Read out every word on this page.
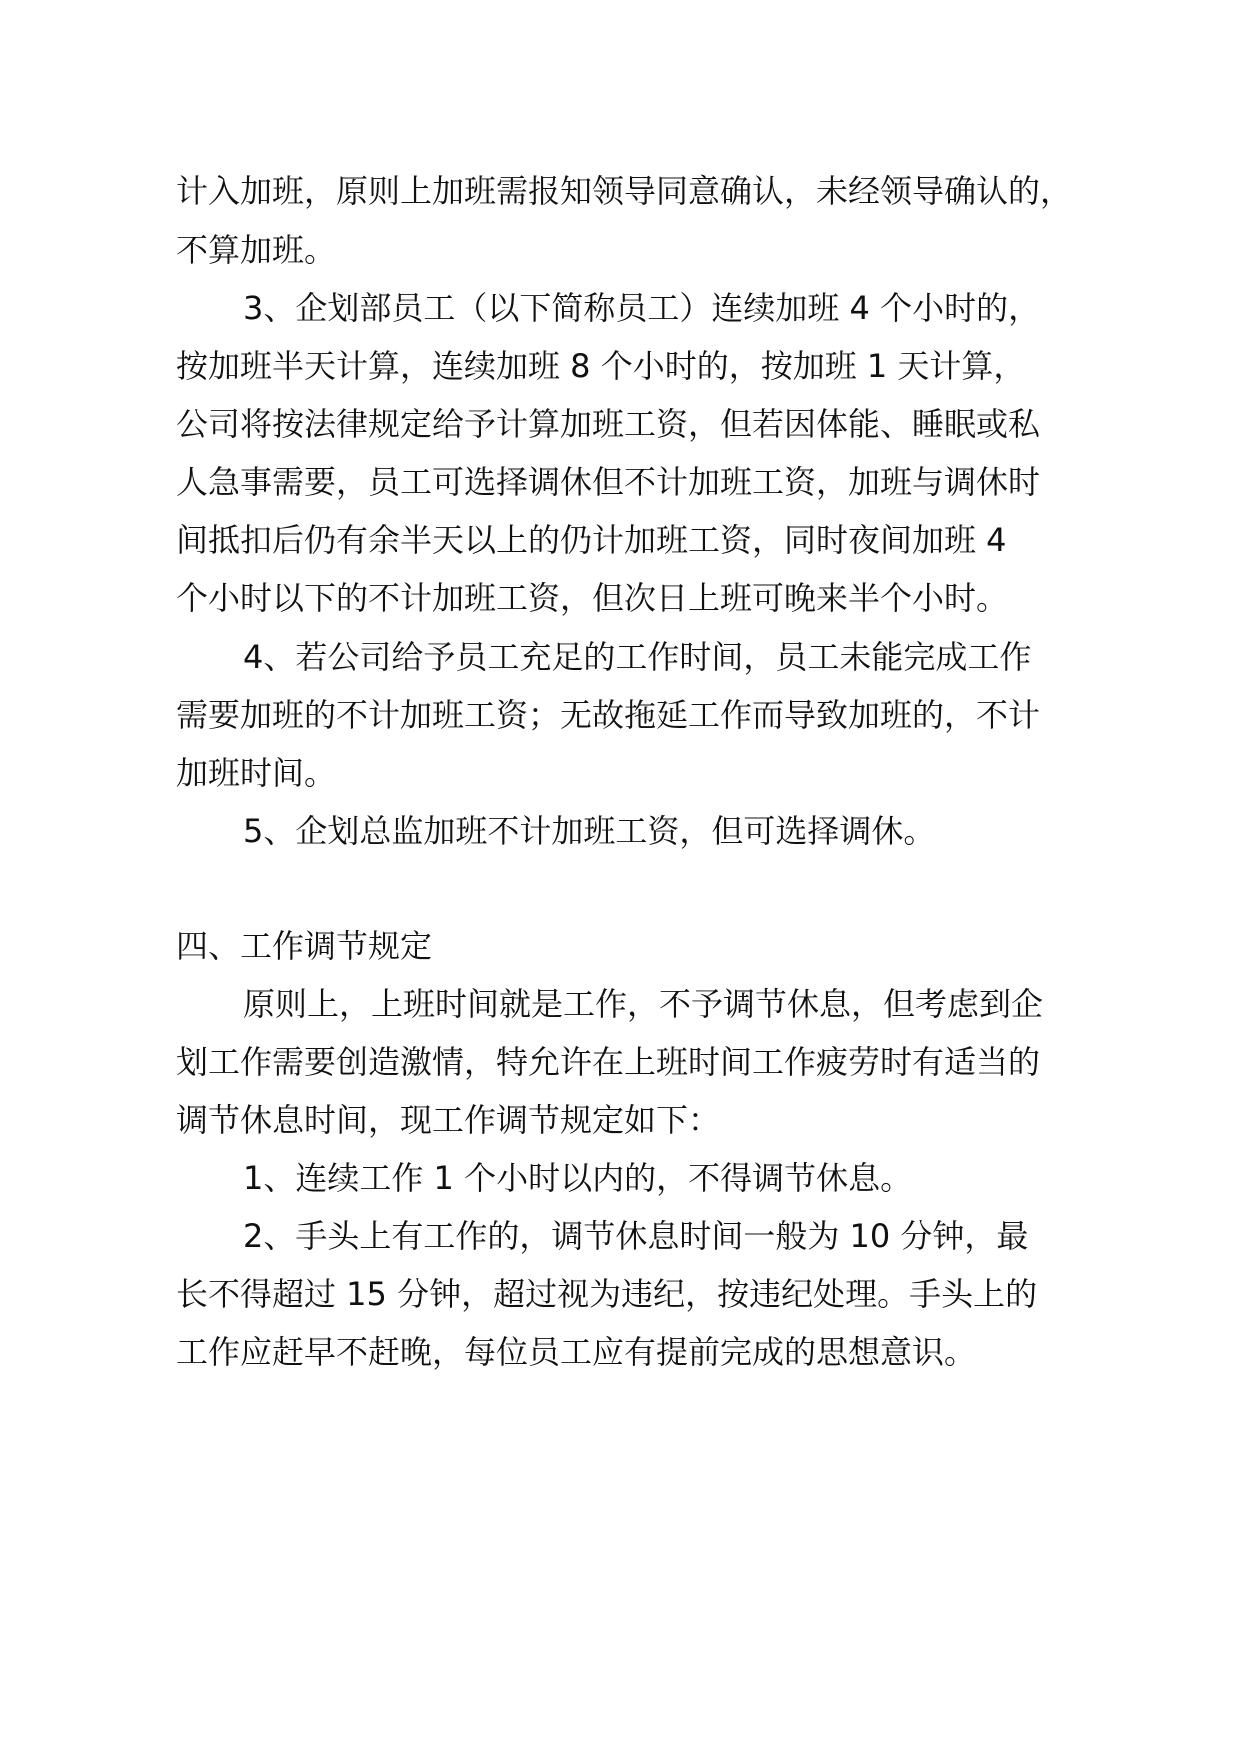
计入加班，原则上加班需报知领导同意确认，未经领导确认的，
不算加班。
3、企划部员工（以下简称员工）连续加班 4 个小时的，
按加班半天计算，连续加班 8 个小时的，按加班 1 天计算，
公司将按法律规定给予计算加班工资，但若因体能、睡眠或私
人急事需要，员工可选择调休但不计加班工资，加班与调休时
间抵扣后仍有余半天以上的仍计加班工资，同时夜间加班 4
个小时以下的不计加班工资，但次日上班可晚来半个小时。
4、若公司给予员工充足的工作时间，员工未能完成工作
需要加班的不计加班工资；无故拖延工作而导致加班的，不计
加班时间。
5、企划总监加班不计加班工资，但可选择调休。
四、工作调节规定
原则上，上班时间就是工作，不予调节休息，但考虑到企
划工作需要创造激情，特允许在上班时间工作疲劳时有适当的
调节休息时间，现工作调节规定如下：
1、连续工作 1 个小时以内的，不得调节休息。
2、手头上有工作的，调节休息时间一般为 10 分钟，最
长不得超过 15 分钟，超过视为违纪，按违纪处理。手头上的
工作应赶早不赶晚，每位员工应有提前完成的思想意识。
